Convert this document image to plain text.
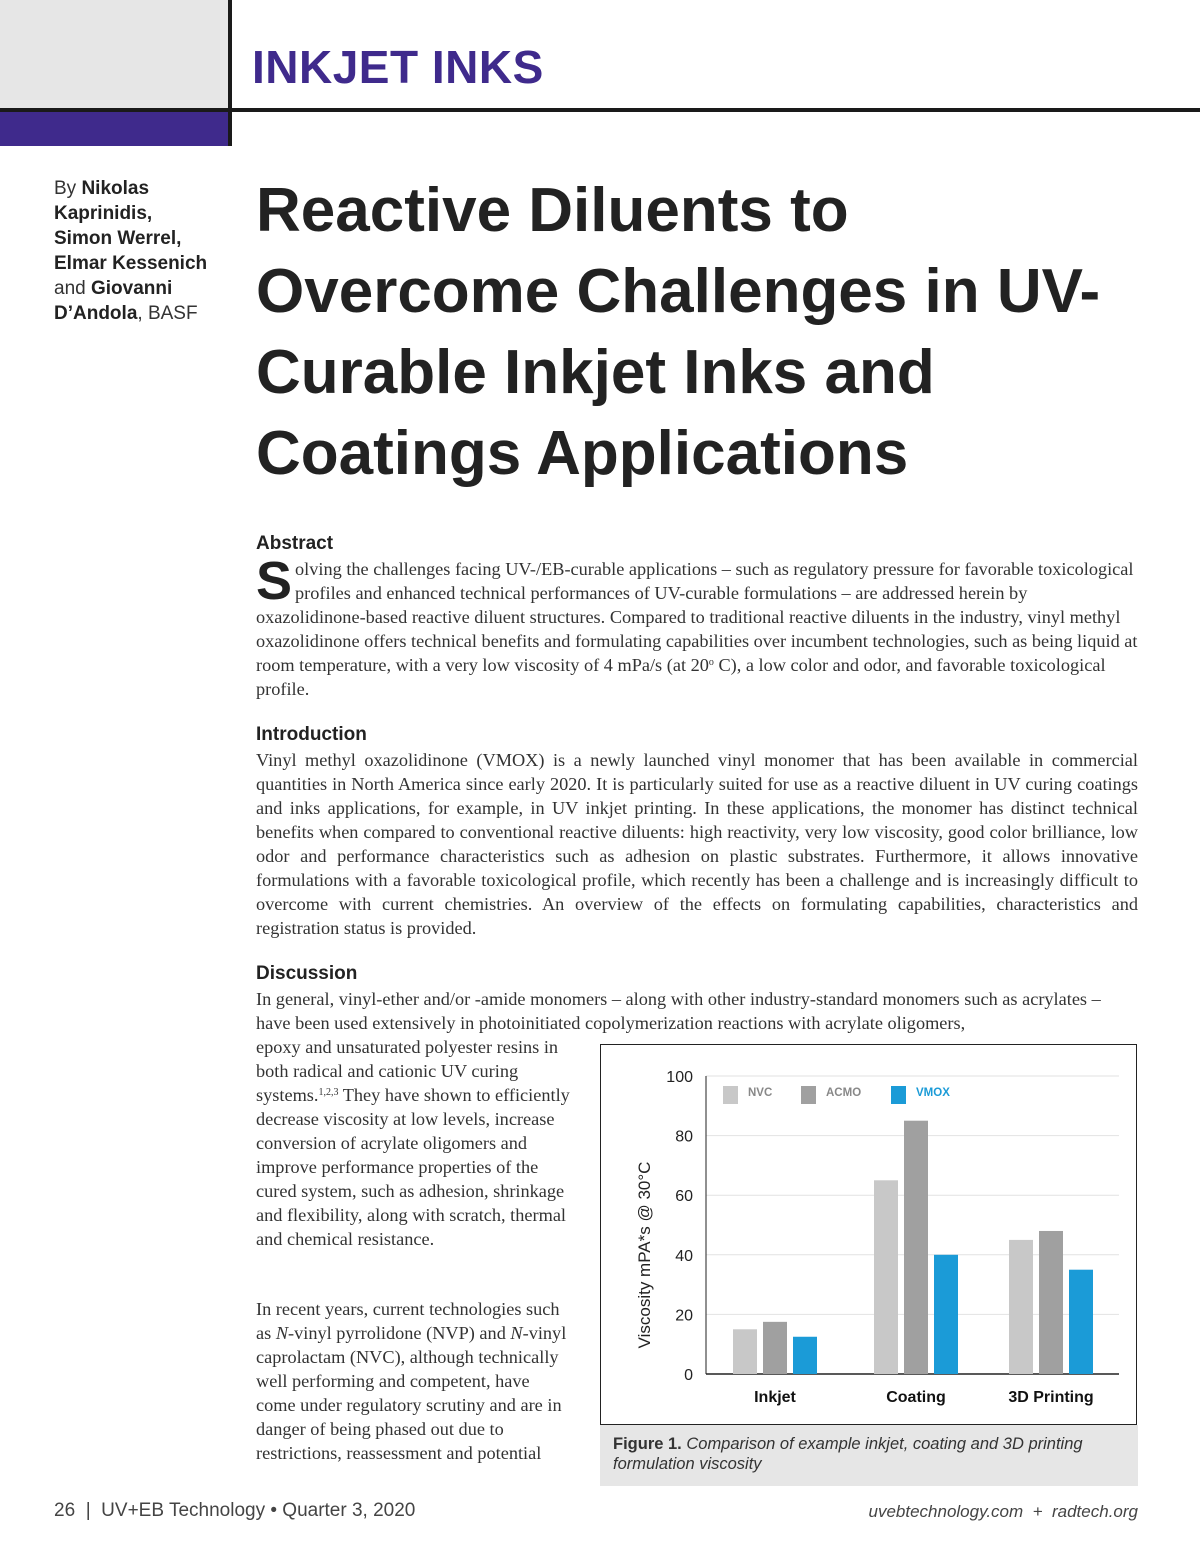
INKJET INKS
By Nikolas Kaprinidis,
Simon Werrel,
Elmar Kessenich
and Giovanni D’Andola, BASF
Reactive Diluents to Overcome Challenges in UV-Curable Inkjet Inks and Coatings Applications
Abstract
Solving the challenges facing UV-/EB-curable applications – such as regulatory pressure for favorable toxicological profiles and enhanced technical performances of UV-curable formulations – are addressed herein by oxazolidinone-based reactive diluent structures. Compared to traditional reactive diluents in the industry, vinyl methyl oxazolidinone offers technical benefits and formulating capabilities over incumbent technologies, such as being liquid at room temperature, with a very low viscosity of 4 mPa/s (at 20$^o$ C), a low color and odor, and favorable toxicological profile.
Introduction
Vinyl methyl oxazolidinone (VMOX) is a newly launched vinyl monomer that has been available in commercial quantities in North America since early 2020. It is particularly suited for use as a reactive diluent in UV curing coatings and inks applications, for example, in UV inkjet printing. In these applications, the monomer has distinct technical benefits when compared to conventional reactive diluents: high reactivity, very low viscosity, good color brilliance, low odor and performance characteristics such as adhesion on plastic substrates. Furthermore, it allows innovative formulations with a favorable toxicological profile, which recently has been a challenge and is increasingly difficult to overcome with current chemistries. An overview of the effects on formulating capabilities, characteristics and registration status is provided.
Discussion
In general, vinyl-ether and/or -amide monomers – along with other industry-standard monomers such as acrylates – have been used extensively in photoinitiated copolymerization reactions with acrylate oligomers,
epoxy and unsaturated polyester resins in both radical and cationic UV curing systems.$^{1,2,3}$ They have shown to efficiently decrease viscosity at low levels, increase conversion of acrylate oligomers and improve performance properties of the cured system, such as adhesion, shrinkage and flexibility, along with scratch, thermal and chemical resistance.
In recent years, current technologies such as N-vinyl pyrrolidone (NVP) and N-vinyl caprolactam (NVC), although technically well performing and competent, have come under regulatory scrutiny and are in danger of being phased out due to restrictions, reassessment and potential
0
20
40
60
80
100
Inkjet	Coating	3D Printing
NVC	ACMO	VMOX
Viscosity mPA*s @ 30°C
Figure 1. Comparison of example inkjet, coating and 3D printing formulation viscosity
26  |  UV+EB Technology • Quarter 3, 2020	uvebtechnology.com  +  radtech.org
